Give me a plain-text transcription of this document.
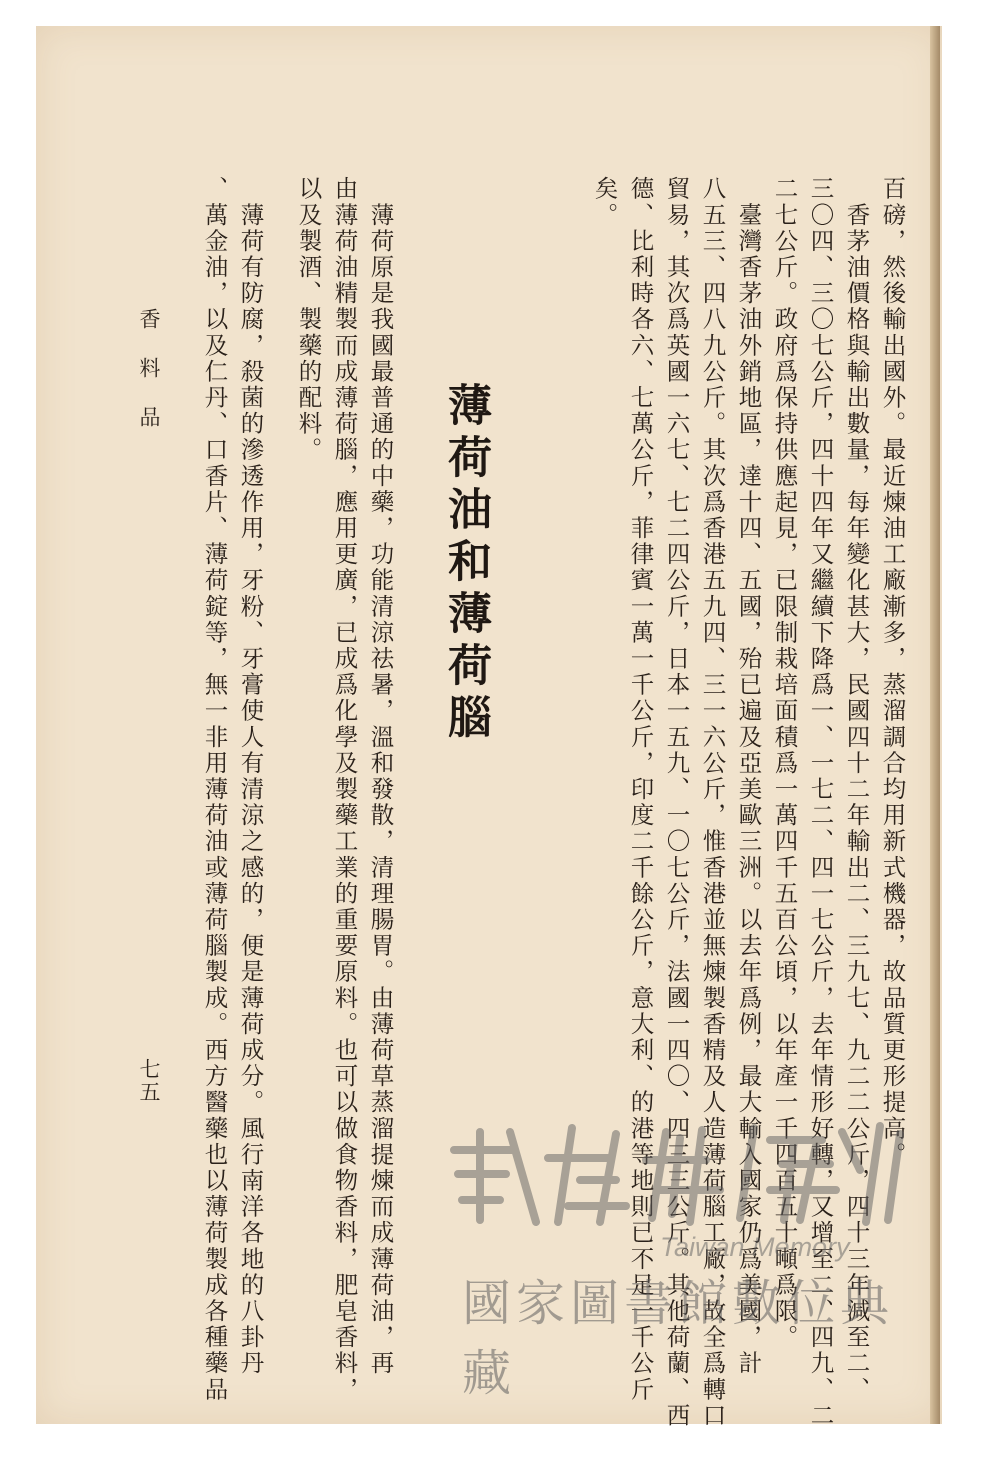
百磅，然後輸出國外。最近煉油工廠漸多，蒸溜調合均用新式機器，故品質更形提高。
　香茅油價格與輸出數量，每年變化甚大，民國四十二年輸出二、三九七、九二二公斤，四十三年減至二、
三〇四、三〇七公斤，四十四年又繼續下降爲一、一七二、四一七公斤，去年情形好轉，又增至二、四九、二
二七公斤。政府爲保持供應起見，已限制栽培面積爲一萬四千五百公頃，以年產一千四百五十噸爲限。
　臺灣香茅油外銷地區，達十四、五國，殆已遍及亞美歐三洲。以去年爲例，最大輸入國家仍爲美國，計
八五三、四八九公斤。其次爲香港五九四、三一六公斤，惟香港並無煉製香精及人造薄荷腦工廠，故全爲轉口
貿易，其次爲英國一六七、七二四公斤，日本一五九、一〇七公斤，法國一四〇、四三三公斤。其他荷蘭、西
德、比利時各六、七萬公斤，菲律賓一萬一千公斤，印度二千餘公斤，意大利、的港等地則已不足一千公斤
矣。
薄荷油和薄荷腦
　薄荷原是我國最普通的中藥，功能清涼祛暑，溫和發散，清理腸胃。由薄荷草蒸溜提煉而成薄荷油，再
由薄荷油精製而成薄荷腦，應用更廣，已成爲化學及製藥工業的重要原料。也可以做食物香料，肥皂香料，
以及製酒、製藥的配料。
　薄荷有防腐，殺菌的滲透作用，牙粉、牙膏使人有清涼之感的，便是薄荷成分。風行南洋各地的八卦丹
、萬金油，以及仁丹、口香片、薄荷錠等，無一非用薄荷油或薄荷腦製成。西方醫藥也以薄荷製成各種藥品
香料品
七五
Taiwan Memory
國家圖書館數位典藏
